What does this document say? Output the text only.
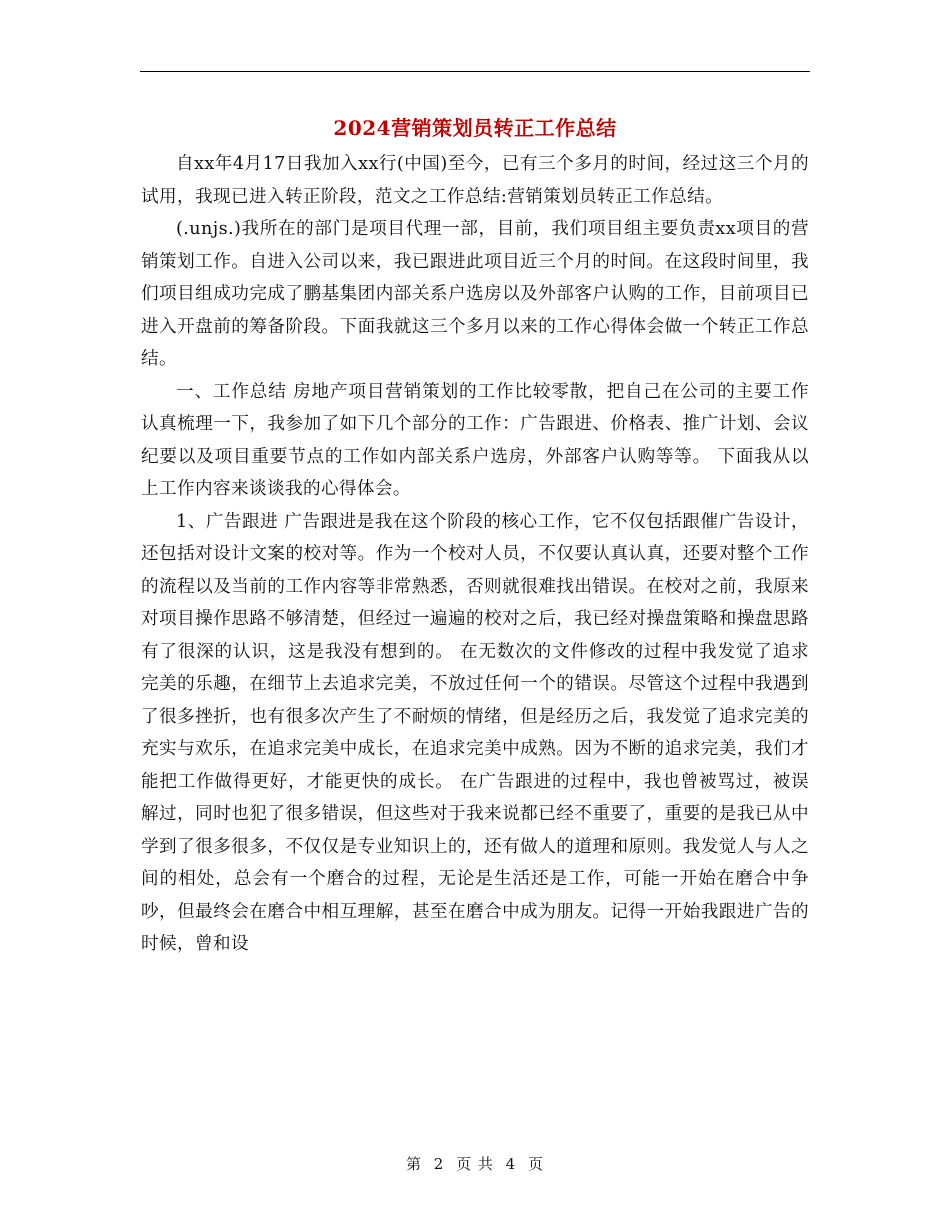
2024营销策划员转正工作总结

自xx年4月17日我加入xx行(中国)至今，已有三个多月的时间，经过这三个月的试用，我现已进入转正阶段，范文之工作总结:营销策划员转正工作总结。

(.unjs.)我所在的部门是项目代理一部，目前，我们项目组主要负责xx项目的营销策划工作。自进入公司以来，我已跟进此项目近三个月的时间。在这段时间里，我们项目组成功完成了鹏基集团内部关系户选房以及外部客户认购的工作，目前项目已进入开盘前的筹备阶段。下面我就这三个多月以来的工作心得体会做一个转正工作总结。

一、工作总结 房地产项目营销策划的工作比较零散，把自己在公司的主要工作认真梳理一下，我参加了如下几个部分的工作：广告跟进、价格表、推广计划、会议纪要以及项目重要节点的工作如内部关系户选房，外部客户认购等等。 下面我从以上工作内容来谈谈我的心得体会。

1、广告跟进 广告跟进是我在这个阶段的核心工作，它不仅包括跟催广告设计，还包括对设计文案的校对等。作为一个校对人员，不仅要认真认真，还要对整个工作的流程以及当前的工作内容等非常熟悉，否则就很难找出错误。在校对之前，我原来对项目操作思路不够清楚，但经过一遍遍的校对之后，我已经对操盘策略和操盘思路有了很深的认识，这是我没有想到的。 在无数次的文件修改的过程中我发觉了追求完美的乐趣，在细节上去追求完美，不放过任何一个的错误。尽管这个过程中我遇到了很多挫折，也有很多次产生了不耐烦的情绪，但是经历之后，我发觉了追求完美的充实与欢乐，在追求完美中成长，在追求完美中成熟。因为不断的追求完美，我们才能把工作做得更好，才能更快的成长。 在广告跟进的过程中，我也曾被骂过，被误解过，同时也犯了很多错误，但这些对于我来说都已经不重要了，重要的是我已从中学到了很多很多，不仅仅是专业知识上的，还有做人的道理和原则。我发觉人与人之间的相处，总会有一个磨合的过程，无论是生活还是工作，可能一开始在磨合中争吵，但最终会在磨合中相互理解，甚至在磨合中成为朋友。记得一开始我跟进广告的时候，曾和设

第 2 页 共 4 页
